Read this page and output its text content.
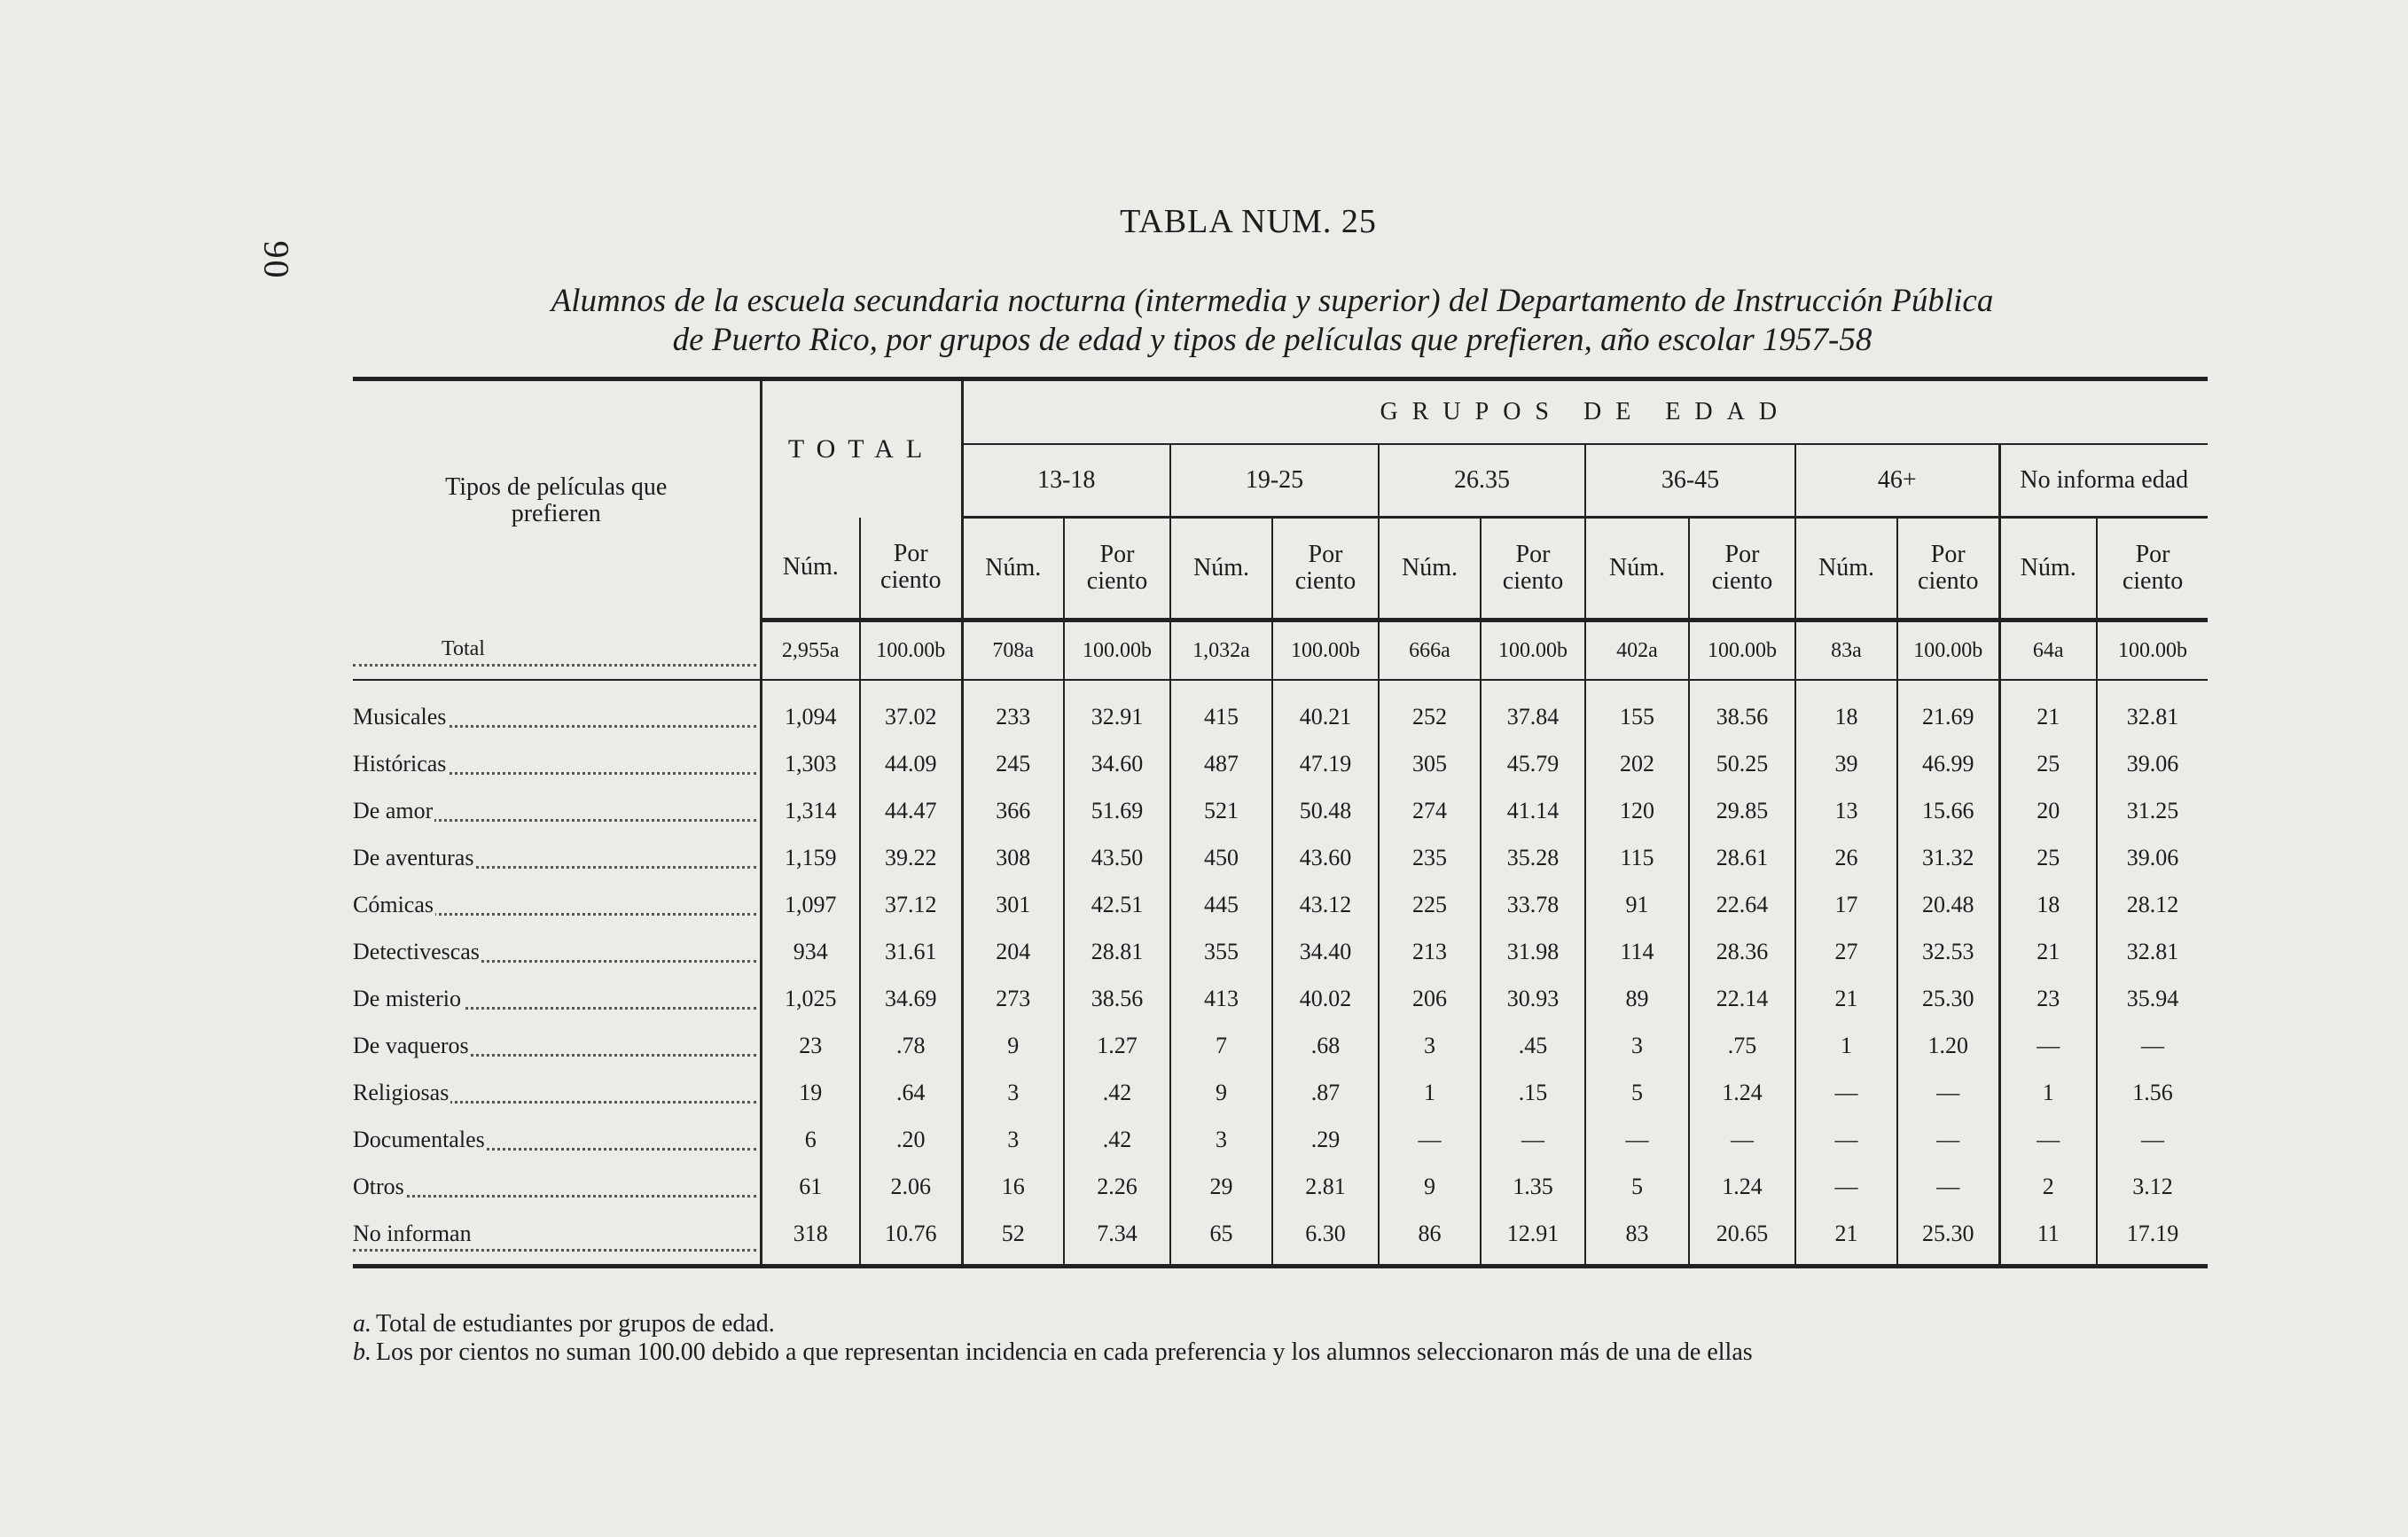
90
TABLA NUM. 25
Alumnos de la escuela secundaria nocturna (intermedia y superior) del Departamento de Instrucción Pública
de Puerto Rico, por grupos de edad y tipos de películas que prefieren, año escolar 1957-58
Tipos de películas que prefieren	TOTAL		GRUPOS DE EDAD											
			13-18		19-25		26.35		36-45		46+		No informa edad	
	Núm.	Por ciento	Núm.	Por ciento	Núm.	Por ciento	Núm.	Por ciento	Núm.	Por ciento	Núm.	Por ciento	Núm.	Por ciento

Total	2,955a	100.00b	708a	100.00b	1,032a	100.00b	666a	100.00b	402a	100.00b	83a	100.00b	64a	100.00b

Musicales	1,094	37.02	233	32.91	415	40.21	252	37.84	155	38.56	18	21.69	21	32.81

Históricas	1,303	44.09	245	34.60	487	47.19	305	45.79	202	50.25	39	46.99	25	39.06

De amor	1,314	44.47	366	51.69	521	50.48	274	41.14	120	29.85	13	15.66	20	31.25

De aventuras	1,159	39.22	308	43.50	450	43.60	235	35.28	115	28.61	26	31.32	25	39.06

Cómicas	1,097	37.12	301	42.51	445	43.12	225	33.78	91	22.64	17	20.48	18	28.12

Detectivescas	934	31.61	204	28.81	355	34.40	213	31.98	114	28.36	27	32.53	21	32.81

De misterio	1,025	34.69	273	38.56	413	40.02	206	30.93	89	22.14	21	25.30	23	35.94

De vaqueros	23	.78	9	1.27	7	.68	3	.45	3	.75	1	1.20	—	—

Religiosas	19	.64	3	.42	9	.87	1	.15	5	1.24	—	—	1	1.56

Documentales	6	.20	3	.42	3	.29	—	—	—	—	—	—	—	—

Otros	61	2.06	16	2.26	29	2.81	9	1.35	5	1.24	—	—	2	3.12

No informan	318	10.76	52	7.34	65	6.30	86	12.91	83	20.65	21	25.30	11	17.19
a. Total de estudiantes por grupos de edad.
b. Los por cientos no suman 100.00 debido a que representan incidencia en cada preferencia y los alumnos seleccionaron más de una de ellas
